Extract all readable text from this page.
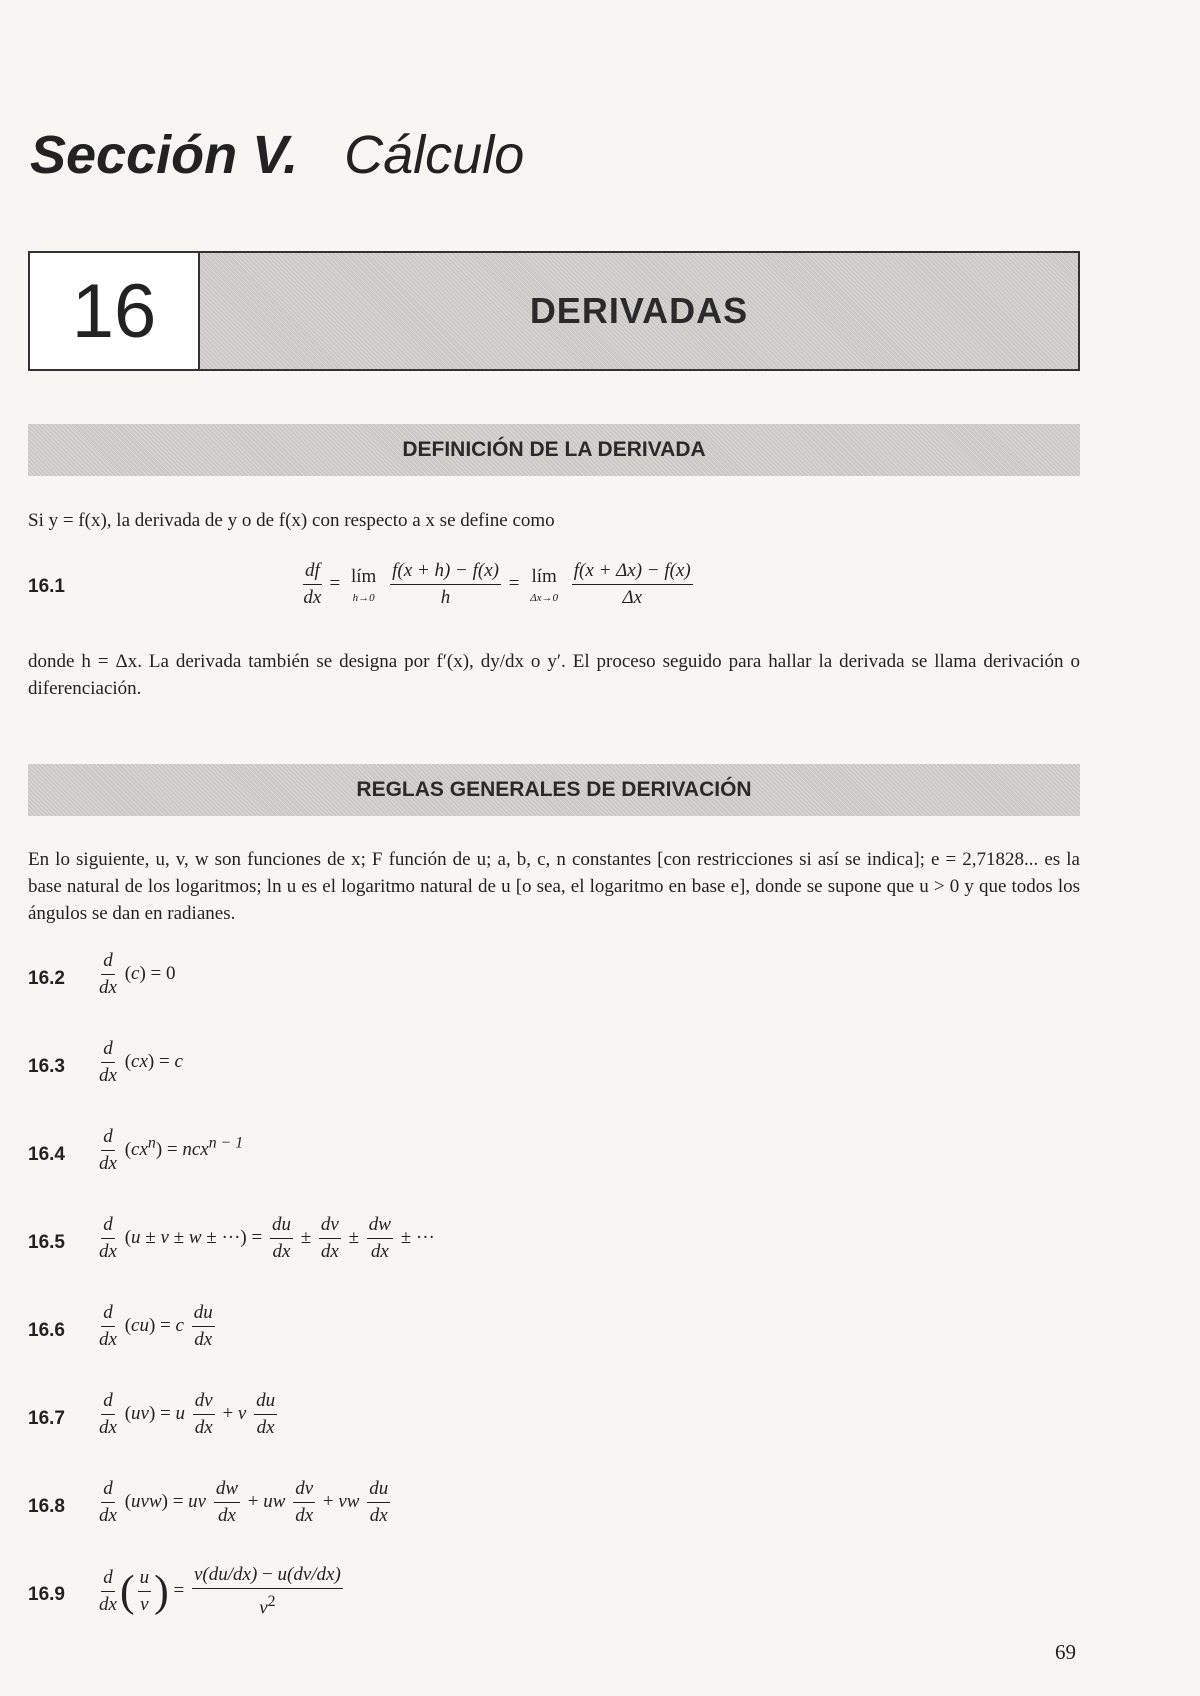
Sección V. Cálculo
16	DERIVADAS
DEFINICIÓN DE LA DERIVADA
Si y = f(x), la derivada de y o de f(x) con respecto a x se define como
16.1	$\frac{df}{dx}$ = lím
h→0
$\frac{f(x + h) - f(x)}{h}$ = lím
Δx→0
$\frac{f(x + \Delta x) - f(x)}{\Delta x}$
donde h = Δx. La derivada también se designa por f′(x), dy/dx o y′. El proceso seguido para hallar la derivada se llama derivación o diferenciación.
REGLAS GENERALES DE DERIVACIÓN
En lo siguiente, u, v, w son funciones de x; F función de u; a, b, c, n constantes [con restricciones si así se indica]; e = 2,71828... es la base natural de los logaritmos; ln u es el logaritmo natural de u [o sea, el logaritmo en base e], donde se supone que u > 0 y que todos los ángulos se dan en radianes.
$16.2 \frac{d}{dx} (c) = 0$
$16.3 \frac{d}{dx} (cx) = c$
$16.4 \frac{d}{dx} (cx^n) = ncx^{n - 1}$
$16.5 \frac{d}{dx} (u \pm v \pm w$ ± ···) = $\frac{du}{dx} \pm \frac{dv}{dx} \pm \frac{dw}{dx}$ ± ···
$16.6 \frac{d}{dx} (cu) = c \frac{du}{dx}$
$16.7 \frac{d}{dx} (uv) = u \frac{dv}{dx} + v \frac{du}{dx}$
$16.8 \frac{d}{dx} (uvw)$ = uv $\frac{dw}{dx}$ + uw $\frac{dv}{dx}$ + vw $\frac{du}{dx}$
$16.9 \frac{d}{dx}$ ( $\frac{u}{v}$ ) = $\frac{v(du/dx) - u(dv/dx)}{v^2}$
69
